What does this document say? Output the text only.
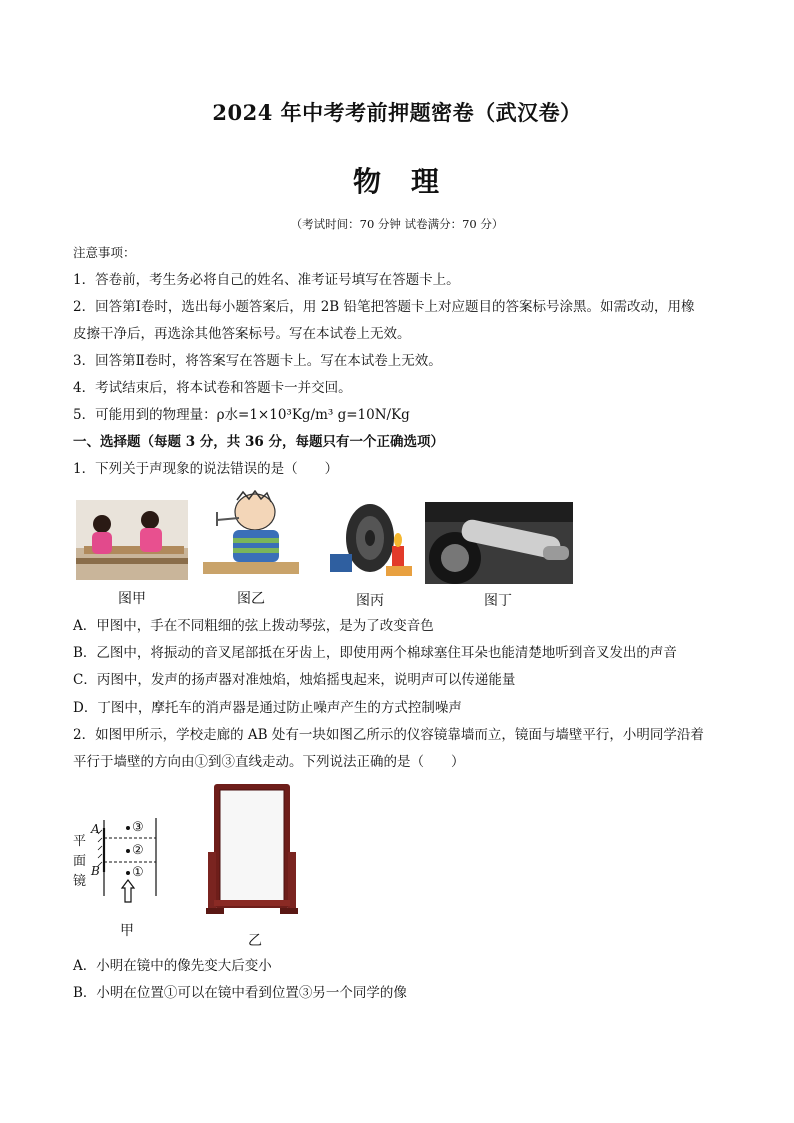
2024 年中考考前押题密卷（武汉卷）
物 理
（考试时间：70 分钟 试卷满分：70 分）
注意事项：
1．答卷前，考生务必将自己的姓名、准考证号填写在答题卡上。
2．回答第Ⅰ卷时，选出每小题答案后，用 2B 铅笔把答题卡上对应题目的答案标号涂黑。如需改动，用橡
皮擦干净后，再选涂其他答案标号。写在本试卷上无效。
3．回答第Ⅱ卷时，将答案写在答题卡上。写在本试卷上无效。
4．考试结束后，将本试卷和答题卡一并交回。
5．可能用到的物理量：ρ水=1×10³Kg/m³ g=10N/Kg
一、选择题（每题 3 分，共 36 分，每题只有一个正确选项）
1．下列关于声现象的说法错误的是（　　）
图甲	图乙	图丙	图丁
A．甲图中，手在不同粗细的弦上拨动琴弦，是为了改变音色
B．乙图中，将振动的音叉尾部抵在牙齿上，即使用两个棉球塞住耳朵也能清楚地听到音叉发出的声音
C．丙图中，发声的扬声器对准烛焰，烛焰摇曳起来，说明声可以传递能量
D．丁图中，摩托车的消声器是通过防止噪声产生的方式控制噪声
2．如图甲所示，学校走廊的 AB 处有一块如图乙所示的仪容镜靠墙而立，镜面与墙壁平行，小明同学沿着
平行于墙壁的方向由①到③直线走动。下列说法正确的是（　　）
平
面
镜
A
B
③
②
①
甲
乙
A．小明在镜中的像先变大后变小
B．小明在位置①可以在镜中看到位置③另一个同学的像
